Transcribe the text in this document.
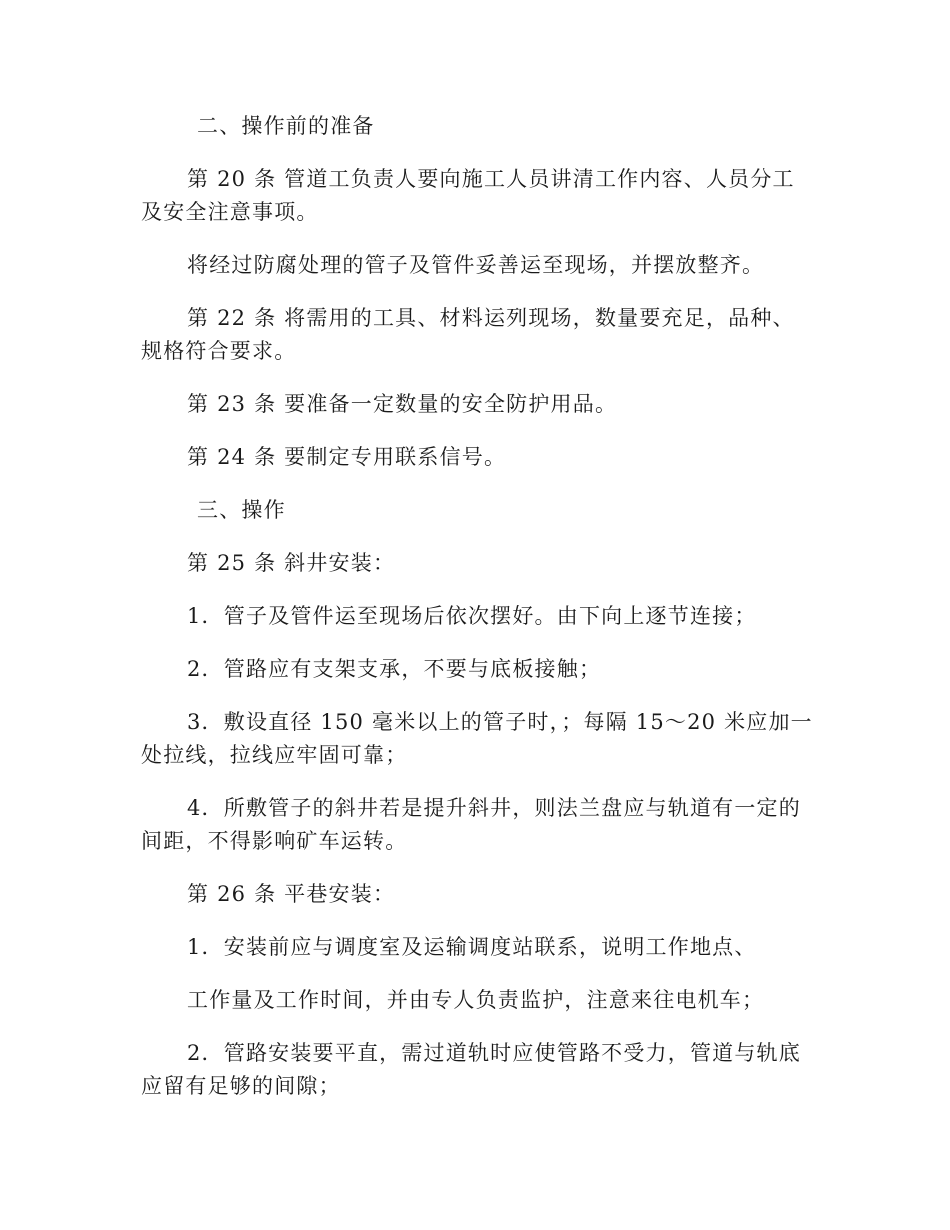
二、操作前的准备

第 20 条 管道工负责人要向施工人员讲清工作内容、人员分工及安全注意事项。

将经过防腐处理的管子及管件妥善运至现场，并摆放整齐。

第 22 条 将需用的工具、材料运列现场，数量要充足，品种、规格符合要求。

第 23 条 要准备一定数量的安全防护用品。

第 24 条 要制定专用联系信号。

三、操作

第 25 条 斜井安装：

1．管子及管件运至现场后依次摆好。由下向上逐节连接；

2．管路应有支架支承，不要与底板接触；

3．敷设直径 150 毫米以上的管子时，；每隔 15～20 米应加一处拉线，拉线应牢固可靠；

4．所敷管子的斜井若是提升斜井，则法兰盘应与轨道有一定的间距，不得影响矿车运转。

第 26 条 平巷安装：

1．安装前应与调度室及运输调度站联系，说明工作地点、

工作量及工作时间，并由专人负责监护，注意来往电机车；

2．管路安装要平直，需过道轨时应使管路不受力，管道与轨底应留有足够的间隙；
